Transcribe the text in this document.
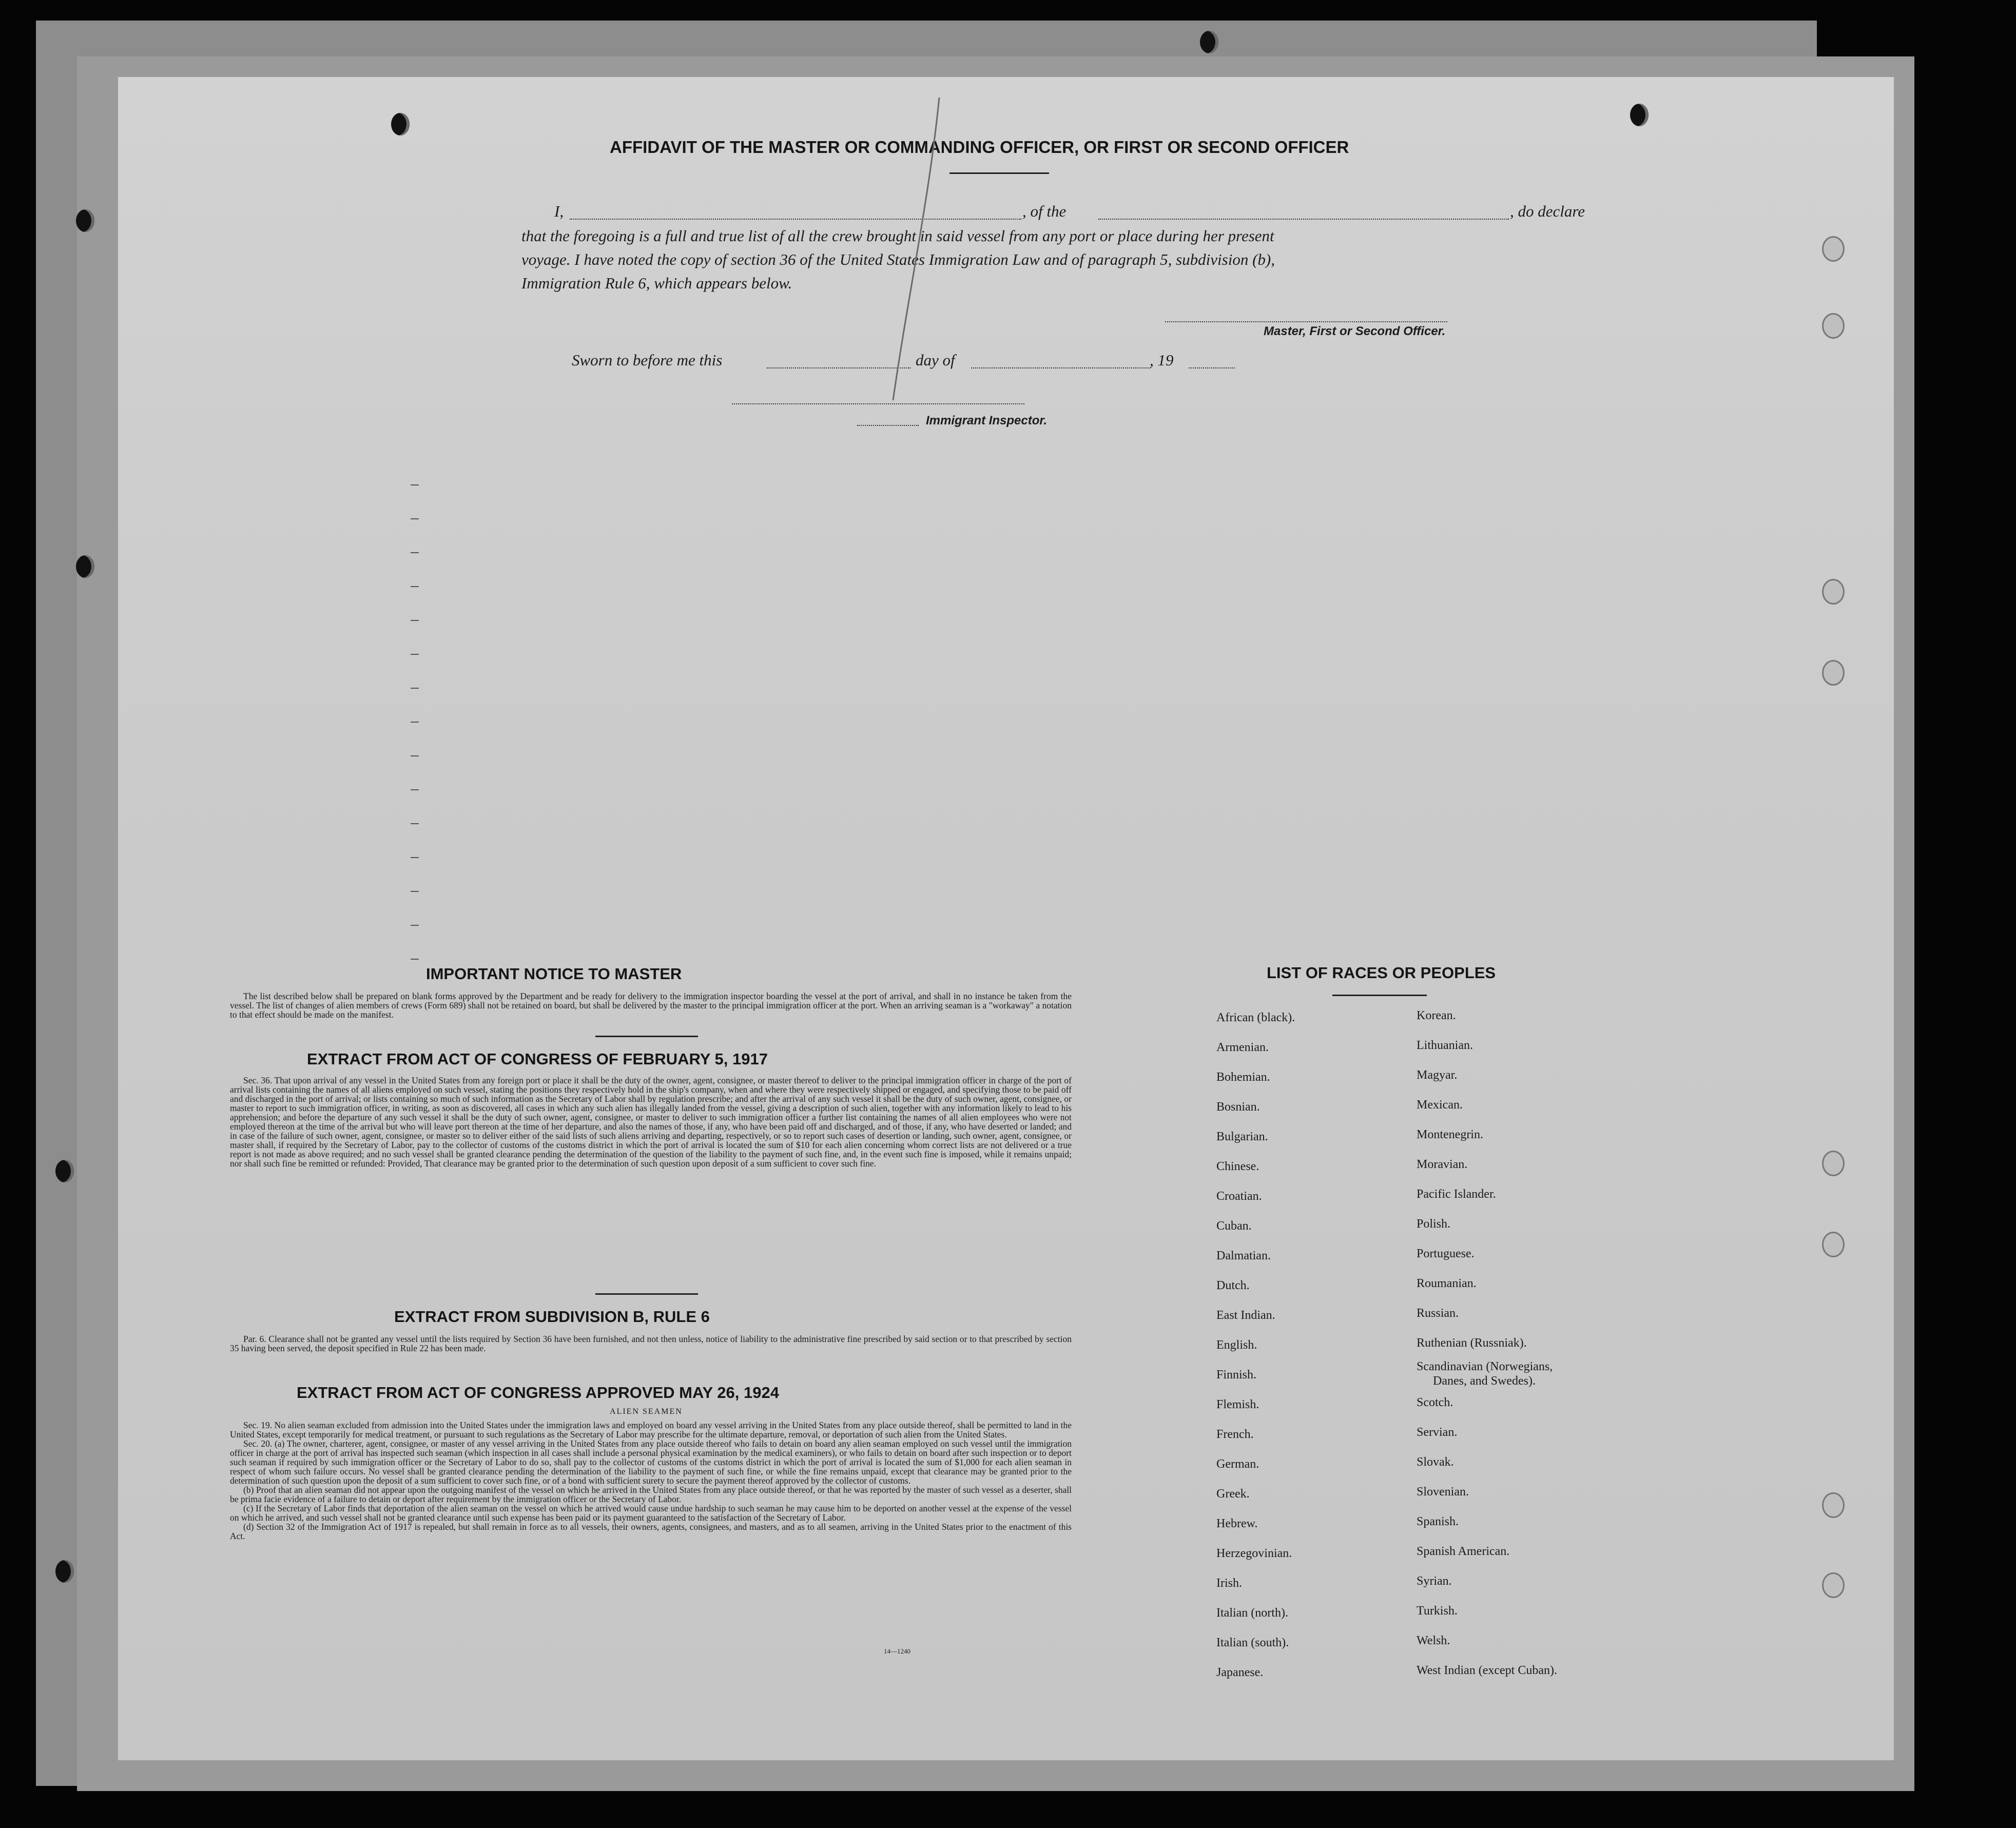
AFFIDAVIT OF THE MASTER OR COMMANDING OFFICER, OR FIRST OR SECOND OFFICER
I,	, of the	, do declare
that the foregoing is a full and true list of all the crew brought in said vessel from any port or place during her present
voyage. I have noted the copy of section 36 of the United States Immigration Law and of paragraph 5, subdivision (b),
Immigration Rule 6, which appears below.
Master, First or Second Officer.
Sworn to before me this	day of	, 19
Immigrant Inspector.
IMPORTANT NOTICE TO MASTER

The list described below shall be prepared on blank forms approved by the Department and be ready for delivery to the immigration inspector boarding the vessel at the port of arrival, and shall in no instance be taken from the vessel. The list of changes of alien members of crews (Form 689) shall not be retained on board, but shall be delivered by the master to the principal immigration officer at the port. When an arriving seaman is a "workaway" a notation to that effect should be made on the manifest.

EXTRACT FROM ACT OF CONGRESS OF FEBRUARY 5, 1917

Sec. 36. That upon arrival of any vessel in the United States from any foreign port or place it shall be the duty of the owner, agent, consignee, or master thereof to deliver to the principal immigration officer in charge of the port of arrival lists containing the names of all aliens employed on such vessel, stating the positions they respectively hold in the ship's company, when and where they were respectively shipped or engaged, and specifying those to be paid off and discharged in the port of arrival; or lists containing so much of such information as the Secretary of Labor shall by regulation prescribe; and after the arrival of any such vessel it shall be the duty of such owner, agent, consignee, or master to report to such immigration officer, in writing, as soon as discovered, all cases in which any such alien has illegally landed from the vessel, giving a description of such alien, together with any information likely to lead to his apprehension; and before the departure of any such vessel it shall be the duty of such owner, agent, consignee, or master to deliver to such immigration officer a further list containing the names of all alien employees who were not employed thereon at the time of the arrival but who will leave port thereon at the time of her departure, and also the names of those, if any, who have been paid off and discharged, and of those, if any, who have deserted or landed; and in case of the failure of such owner, agent, consignee, or master so to deliver either of the said lists of such aliens arriving and departing, respectively, or so to report such cases of desertion or landing, such owner, agent, consignee, or master shall, if required by the Secretary of Labor, pay to the collector of customs of the customs district in which the port of arrival is located the sum of $10 for each alien concerning whom correct lists are not delivered or a true report is not made as above required; and no such vessel shall be granted clearance pending the determination of the question of the liability to the payment of such fine, and, in the event such fine is imposed, while it remains unpaid; nor shall such fine be remitted or refunded: Provided, That clearance may be granted prior to the determination of such question upon deposit of a sum sufficient to cover such fine.

EXTRACT FROM SUBDIVISION B, RULE 6

Par. 6. Clearance shall not be granted any vessel until the lists required by Section 36 have been furnished, and not then unless, notice of liability to the administrative fine prescribed by said section or to that prescribed by section 35 having been served, the deposit specified in Rule 22 has been made.

EXTRACT FROM ACT OF CONGRESS APPROVED MAY 26, 1924
ALIEN SEAMEN

Sec. 19. No alien seaman excluded from admission into the United States under the immigration laws and employed on board any vessel arriving in the United States from any place outside thereof, shall be permitted to land in the United States, except temporarily for medical treatment, or pursuant to such regulations as the Secretary of Labor may prescribe for the ultimate departure, removal, or deportation of such alien from the United States.

Sec. 20. (a) The owner, charterer, agent, consignee, or master of any vessel arriving in the United States from any place outside thereof who fails to detain on board any alien seaman employed on such vessel until the immigration officer in charge at the port of arrival has inspected such seaman (which inspection in all cases shall include a personal physical examination by the medical examiners), or who fails to detain on board after such inspection or to deport such seaman if required by such immigration officer or the Secretary of Labor to do so, shall pay to the collector of customs of the customs district in which the port of arrival is located the sum of $1,000 for each alien seaman in respect of whom such failure occurs. No vessel shall be granted clearance pending the determination of the liability to the payment of such fine, or while the fine remains unpaid, except that clearance may be granted prior to the determination of such question upon the deposit of a sum sufficient to cover such fine, or of a bond with sufficient surety to secure the payment thereof approved by the collector of customs.

(b) Proof that an alien seaman did not appear upon the outgoing manifest of the vessel on which he arrived in the United States from any place outside thereof, or that he was reported by the master of such vessel as a deserter, shall be prima facie evidence of a failure to detain or deport after requirement by the immigration officer or the Secretary of Labor.

(c) If the Secretary of Labor finds that deportation of the alien seaman on the vessel on which he arrived would cause undue hardship to such seaman he may cause him to be deported on another vessel at the expense of the vessel on which he arrived, and such vessel shall not be granted clearance until such expense has been paid or its payment guaranteed to the satisfaction of the Secretary of Labor.

(d) Section 32 of the Immigration Act of 1917 is repealed, but shall remain in force as to all vessels, their owners, agents, consignees, and masters, and as to all seamen, arriving in the United States prior to the enactment of this Act.

14—1240
LIST OF RACES OR PEOPLES
African (black).
Armenian.
Bohemian.
Bosnian.
Bulgarian.
Chinese.
Croatian.
Cuban.
Dalmatian.
Dutch.
East Indian.
English.
Finnish.
Flemish.
French.
German.
Greek.
Hebrew.
Herzegovinian.
Irish.
Italian (north).
Italian (south).
Japanese.
Korean.
Lithuanian.
Magyar.
Mexican.
Montenegrin.
Moravian.
Pacific Islander.
Polish.
Portuguese.
Roumanian.
Russian.
Ruthenian (Russniak).
Scandinavian (Norwegians,
Danes, and Swedes).
Scotch.
Servian.
Slovak.
Slovenian.
Spanish.
Spanish American.
Syrian.
Turkish.
Welsh.
West Indian (except Cuban).
